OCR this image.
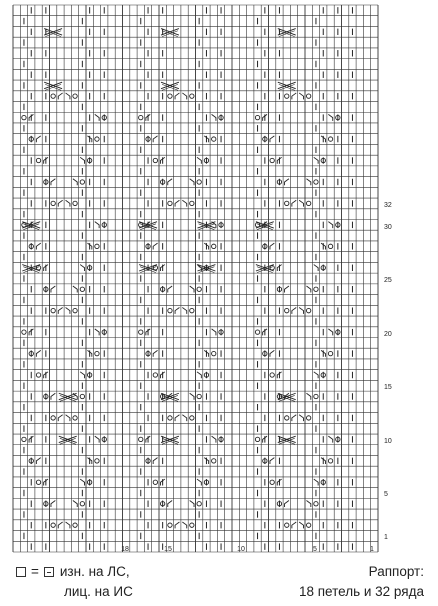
32
30
25
20
15
10
5
1
18	15	10	5	1
= изн. на ЛС,
лиц. на ИС
Раппорт:
18 петель и 32 ряда
